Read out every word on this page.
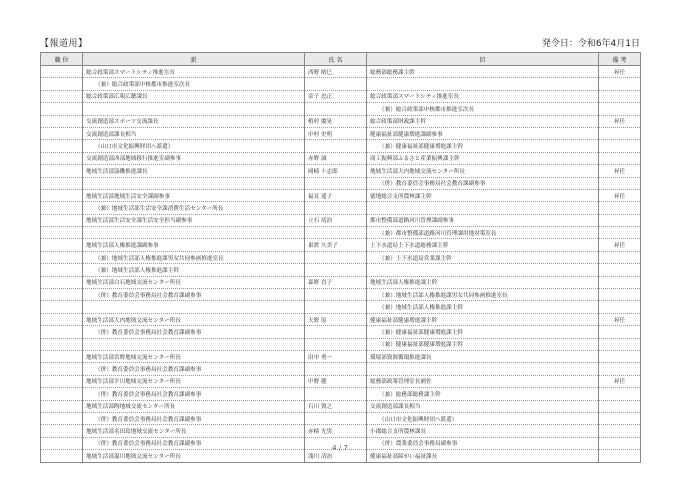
【報道用】	発令日：令和6年4月1日
職 位	新	氏 名	旧	備 考
	総合政策部スマートシティ推進室長	西野 晴巳	総務部総務課主幹	昇任
	（兼）総合政策部中核都市推進室次長			
	総合政策部広報広聴課長	金子 忠正	総合政策部スマートシティ推進室長	
			（兼）総合政策部中核都市推進室次長	
	交流創造部スポーツ交流課長	植村 慶晃	総合政策部財政課主幹	昇任
	交流創造部課長相当	中村 史明	健康福祉部健康増進課副参事	
	（山口市文化振興財団へ派遣）		（兼）健康福祉部健康増進課主幹	
	交流創造部西部地域移行推進室副参事	赤野 誠	商工振興部ふるさと産業振興課主幹	
	地域生活部協働推進課長	岡崎 十志郎	地域生活部大内地域交流センター所長	昇任
			（併）教育委員会事務局社会教育課副参事	
	地域生活部地域生活安全課副参事	福見 遥子	徳地総合支所農林課主幹	昇任
	（兼）地域生活部生活安全課消費生活センター所長			
	地域生活部生活安全課生活安全担当副参事	立石 靖治	都市整備部道路河川管理課副参事	
			（兼）都市整備部道路河川管理課用地対策室長	
	地域生活部人権推進課副参事	東渡 久美子	上下水道局上下水道総務課主幹	昇任
	（兼）地域生活部人権推進課男女共同参画推進室長		（兼）上下水道局営業課主幹	
	（兼）地域生活部人権推進課主幹			
	地域生活部白石地域交流センター所長	森野 直子	地域生活部人権推進課主幹	
	（併）教育委員会事務局社会教育課副参事		（兼）地域生活部人権推進課男女共同参画推進室長	
			（兼）地域生活部人権推進課主幹	
	地域生活部大内地域交流センター所長	天野 原	健康福祉部健康増進課主幹	昇任
	（併）教育委員会事務局社会教育課副参事		（兼）健康福祉部健康増進課主幹	
			（兼）健康福祉部健康増進課主幹	
	地域生活部宮野地域交流センター所長	田中 勇一	環境部資源循環推進課長	
	（併）教育委員会事務局社会教育課副参事			
	地域生活部平川地域交流センター所長	中野 健	総務部政策管理室長補佐	昇任
	（併）教育委員会事務局社会教育課副参事		（兼）総務部総務課主幹	
	地域生活部陶地域交流センター所長	石川 資之	交流創造部課長相当	
	（併）教育委員会事務局社会教育課副参事		（山口市文化振興財団へ派遣）	
	地域生活部名田島地域交流センター所長	赤崎 光男	小郡総合支所農林課長	
	（併）教育委員会事務局社会教育課副参事		（併）農業委員会事務局副参事	
	地域生活部嘉川地域交流センター所長	淺川 清治	健康福祉部障がい福祉課長	
4 / 7
